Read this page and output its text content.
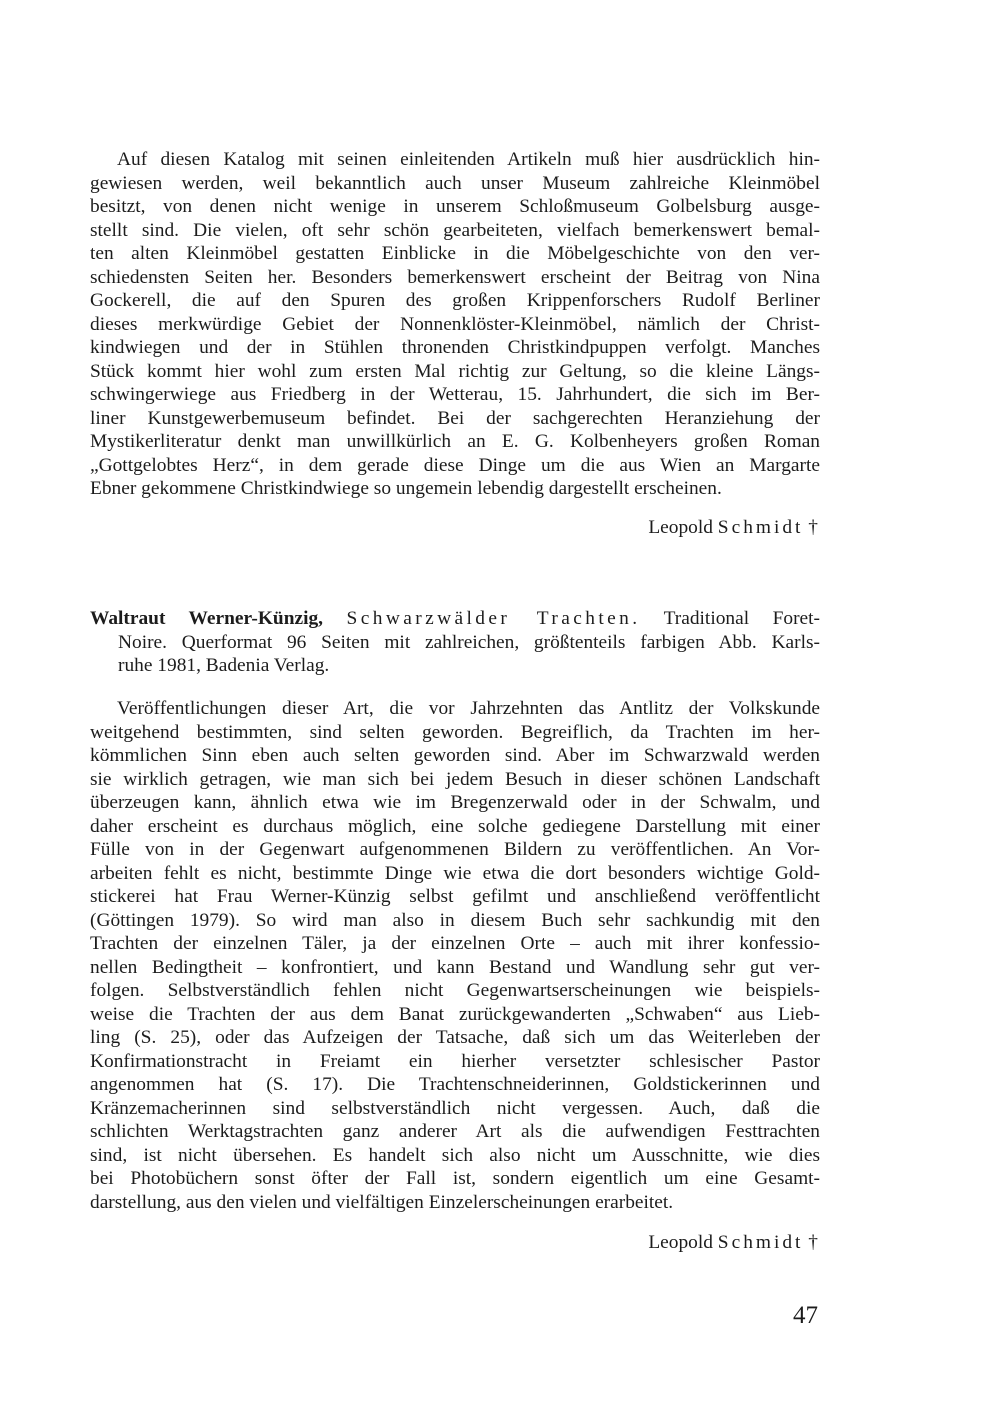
Auf diesen Katalog mit seinen einleitenden Artikeln muß hier ausdrücklich hin-
gewiesen werden, weil bekanntlich auch unser Museum zahlreiche Kleinmöbel
besitzt, von denen nicht wenige in unserem Schloßmuseum Golbelsburg ausge-
stellt sind. Die vielen, oft sehr schön gearbeiteten, vielfach bemerkenswert bemal-
ten alten Kleinmöbel gestatten Einblicke in die Möbelgeschichte von den ver-
schiedensten Seiten her. Besonders bemerkenswert erscheint der Beitrag von Nina
Gockerell, die auf den Spuren des großen Krippenforschers Rudolf Berliner
dieses merkwürdige Gebiet der Nonnenklöster-Kleinmöbel, nämlich der Christ-
kindwiegen und der in Stühlen thronenden Christkindpuppen verfolgt. Manches
Stück kommt hier wohl zum ersten Mal richtig zur Geltung, so die kleine Längs-
schwingerwiege aus Friedberg in der Wetterau, 15. Jahrhundert, die sich im Ber-
liner Kunstgewerbemuseum befindet. Bei der sachgerechten Heranziehung der
Mystikerliteratur denkt man unwillkürlich an E. G. Kolbenheyers großen Roman
„Gottgelobtes Herz“, in dem gerade diese Dinge um die aus Wien an Margarte
Ebner gekommene Christkindwiege so ungemein lebendig dargestellt erscheinen.
Leopold Schmidt †
Waltraut Werner-Künzig, Schwarzwälder Trachten. Traditional Foret-
Noire. Querformat 96 Seiten mit zahlreichen, größtenteils farbigen Abb. Karls-
ruhe 1981, Badenia Verlag.
Veröffentlichungen dieser Art, die vor Jahrzehnten das Antlitz der Volkskunde
weitgehend bestimmten, sind selten geworden. Begreiflich, da Trachten im her-
kömmlichen Sinn eben auch selten geworden sind. Aber im Schwarzwald werden
sie wirklich getragen, wie man sich bei jedem Besuch in dieser schönen Landschaft
überzeugen kann, ähnlich etwa wie im Bregenzerwald oder in der Schwalm, und
daher erscheint es durchaus möglich, eine solche gediegene Darstellung mit einer
Fülle von in der Gegenwart aufgenommenen Bildern zu veröffentlichen. An Vor-
arbeiten fehlt es nicht, bestimmte Dinge wie etwa die dort besonders wichtige Gold-
stickerei hat Frau Werner-Künzig selbst gefilmt und anschließend veröffentlicht
(Göttingen 1979). So wird man also in diesem Buch sehr sachkundig mit den
Trachten der einzelnen Täler, ja der einzelnen Orte – auch mit ihrer konfessio-
nellen Bedingtheit – konfrontiert, und kann Bestand und Wandlung sehr gut ver-
folgen. Selbstverständlich fehlen nicht Gegenwartserscheinungen wie beispiels-
weise die Trachten der aus dem Banat zurückgewanderten „Schwaben“ aus Lieb-
ling (S. 25), oder das Aufzeigen der Tatsache, daß sich um das Weiterleben der
Konfirmationstracht in Freiamt ein hierher versetzter schlesischer Pastor
angenommen hat (S. 17). Die Trachtenschneiderinnen, Goldstickerinnen und
Kränzemacherinnen sind selbstverständlich nicht vergessen. Auch, daß die
schlichten Werktagstrachten ganz anderer Art als die aufwendigen Festtrachten
sind, ist nicht übersehen. Es handelt sich also nicht um Ausschnitte, wie dies
bei Photobüchern sonst öfter der Fall ist, sondern eigentlich um eine Gesamt-
darstellung, aus den vielen und vielfältigen Einzelerscheinungen erarbeitet.
Leopold Schmidt †
47
